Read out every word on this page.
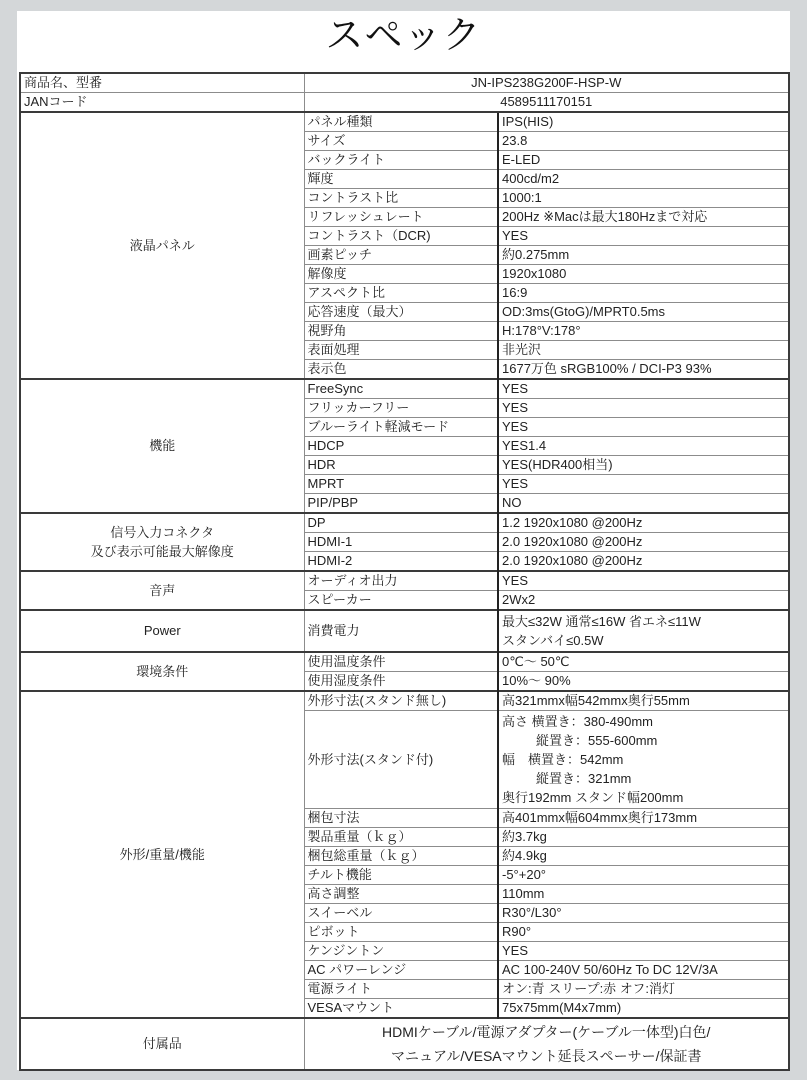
スペック
商品名、型番	JN-IPS238G200F-HSP-W	
JANコード	4589511170151	
液晶パネル	パネル種類	IPS(HIS)
	サイズ	23.8
	バックライト	E-LED
	輝度	400cd/m2
	コントラスト比	1000:1
	リフレッシュレート	200Hz ※Macは最大180Hzまで対応
	コントラスト（DCR)	YES
	画素ピッチ	約0.275mm
	解像度	1920x1080
	アスペクト比	16:9
	応答速度（最大）	OD:3ms(GtoG)/MPRT0.5ms
	視野角	H:178°V:178°
	表面処理	非光沢
	表示色	1677万色 sRGB100% / DCI-P3 93%
機能	FreeSync	YES
	フリッカーフリー	YES
	ブルーライト軽減モード	YES
	HDCP	YES1.4
	HDR	YES(HDR400相当)
	MPRT	YES
	PIP/PBP	NO

信号入力コネクタ
及び表示可能最大解像度	DP	1.2 1920x1080 @200Hz
	HDMI-1	2.0 1920x1080 @200Hz
	HDMI-2	2.0 1920x1080 @200Hz
音声	オーディオ出力	YES
	スピーカー	2Wx2
Power	消費電力	最大≤32W 通常≤16W 省エネ≤11W
スタンバイ≤0.5W

環境条件	使用温度条件	0℃～ 50℃
	使用湿度条件	10%～ 90%
外形/重量/機能	外形寸法(スタンド無し)	高321mmx幅542mmx奥行55mm
	外形寸法(スタンド付)	高さ 横置き：380-490mm
縦置き：555-600mm
幅　横置き：542mm
縦置き：321mm
奥行192mm スタンド幅200mm

	梱包寸法	高401mmx幅604mmx奥行173mm
	製品重量（ｋｇ）	約3.7kg
	梱包総重量（ｋｇ）	約4.9kg
	チルト機能	-5°+20°
	高さ調整	110mm
	スイーベル	R30°/L30°
	ピボット	R90°
	ケンジントン	YES
	AC パワーレンジ	AC 100-240V 50/60Hz To DC 12V/3A
	電源ライト	オン:青 スリープ:赤 オフ:消灯
	VESAマウント	75x75mm(M4x7mm)
付属品	HDMIケーブル/電源アダプター(ケーブル一体型)白色/
マニュアル/VESAマウント延長スペーサー/保証書	
